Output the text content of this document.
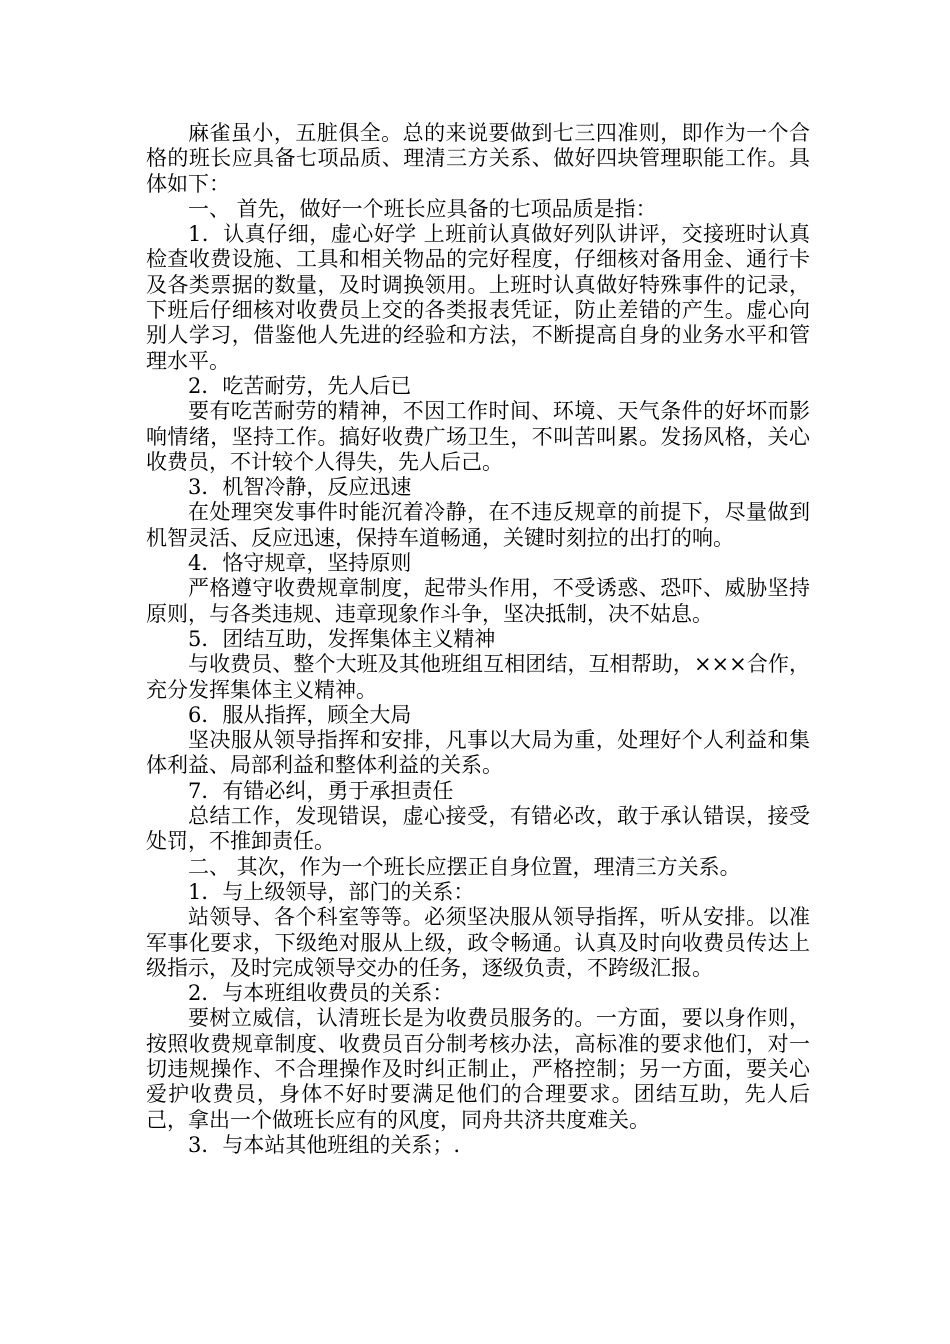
麻雀虽小，五脏俱全。总的来说要做到七三四准则，即作为一个合格的班长应具备七项品质、理清三方关系、做好四块管理职能工作。具体如下：

一、 首先，做好一个班长应具备的七项品质是指：

1．认真仔细，虚心好学 上班前认真做好列队讲评，交接班时认真检查收费设施、工具和相关物品的完好程度，仔细核对备用金、通行卡及各类票据的数量，及时调换领用。上班时认真做好特殊事件的记录，下班后仔细核对收费员上交的各类报表凭证，防止差错的产生。虚心向别人学习，借鉴他人先进的经验和方法，不断提高自身的业务水平和管理水平。

2．吃苦耐劳，先人后已

要有吃苦耐劳的精神，不因工作时间、环境、天气条件的好坏而影响情绪，坚持工作。搞好收费广场卫生，不叫苦叫累。发扬风格，关心收费员，不计较个人得失，先人后己。

3．机智冷静，反应迅速

在处理突发事件时能沉着冷静，在不违反规章的前提下，尽量做到机智灵活、反应迅速，保持车道畅通，关键时刻拉的出打的响。

4．恪守规章，坚持原则

严格遵守收费规章制度，起带头作用，不受诱惑、恐吓、威胁坚持原则，与各类违规、违章现象作斗争，坚决抵制，决不姑息。

5．团结互助，发挥集体主义精神

与收费员、整个大班及其他班组互相团结，互相帮助，×××合作，充分发挥集体主义精神。

6．服从指挥，顾全大局

坚决服从领导指挥和安排，凡事以大局为重，处理好个人利益和集体利益、局部利益和整体利益的关系。

7．有错必纠，勇于承担责任

总结工作，发现错误，虚心接受，有错必改，敢于承认错误，接受处罚，不推卸责任。

二、 其次，作为一个班长应摆正自身位置，理清三方关系。

1．与上级领导，部门的关系：

站领导、各个科室等等。必须坚决服从领导指挥，听从安排。以准军事化要求，下级绝对服从上级，政令畅通。认真及时向收费员传达上级指示，及时完成领导交办的任务，逐级负责，不跨级汇报。

2．与本班组收费员的关系：

要树立威信，认清班长是为收费员服务的。一方面，要以身作则，按照收费规章制度、收费员百分制考核办法，高标准的要求他们，对一切违规操作、不合理操作及时纠正制止，严格控制；另一方面，要关心爱护收费员，身体不好时要满足他们的合理要求。团结互助，先人后己，拿出一个做班长应有的风度，同舟共济共度难关。

3．与本站其他班组的关系；.
